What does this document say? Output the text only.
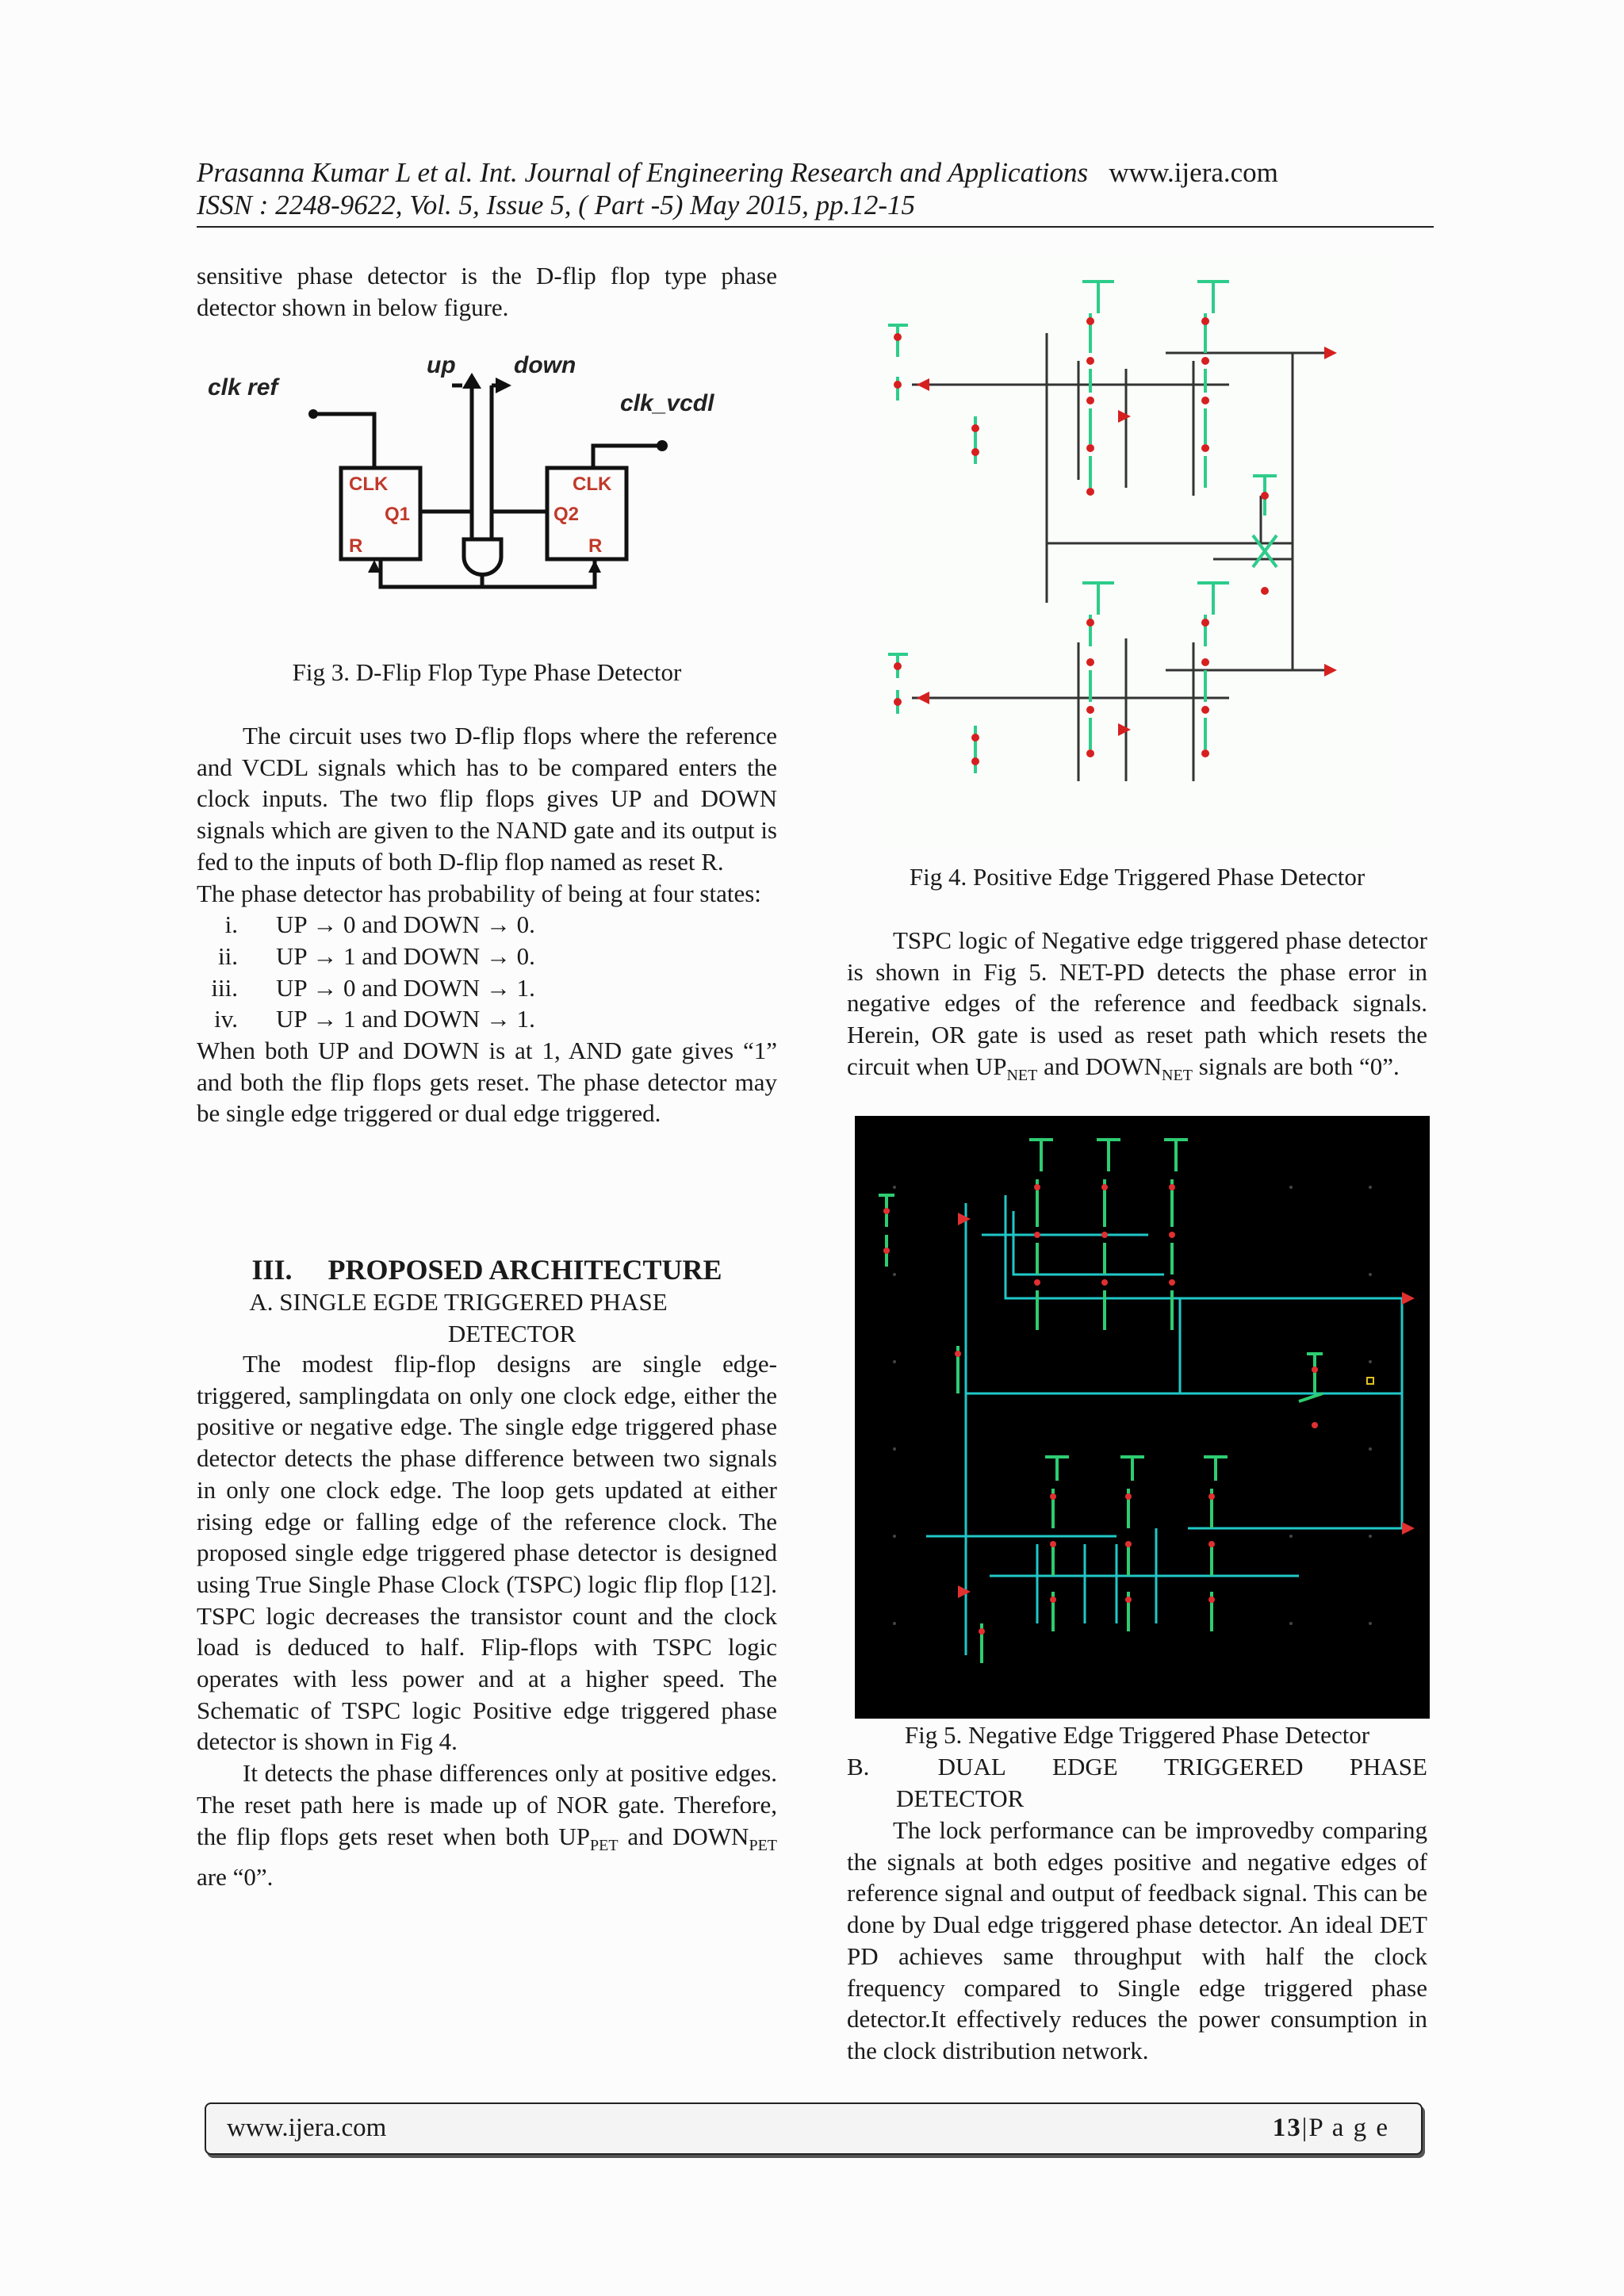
Prasanna Kumar L et al. Int. Journal of Engineering Research and Applications www.ijera.com
ISSN : 2248-9622, Vol. 5, Issue 5, ( Part -5) May 2015, pp.12-15

sensitive phase detector is the D-flip flop type phase detector shown in below figure.

clk ref
up down
clk_vcdl
CLK
Q1
R
CLK
Q2
R
Fig 3. D-Flip Flop Type Phase Detector

The circuit uses two D-flip flops where the reference and VCDL signals which has to be compared enters the clock inputs. The two flip flops gives UP and DOWN signals which are given to the NAND gate and its output is fed to the inputs of both D-flip flop named as reset R.

The phase detector has probability of being at four states:

i.	UP → 0 and DOWN → 0.
ii.	UP → 1 and DOWN → 0.
iii.	UP → 0 and DOWN → 1.
iv.	UP → 1 and DOWN → 1.

When both UP and DOWN is at 1, AND gate gives “1” and both the flip flops gets reset. The phase detector may be single edge triggered or dual edge triggered.

III. PROPOSED ARCHITECTURE
A. SINGLE EGDE TRIGGERED PHASE
DETECTOR

The modest flip-flop designs are single edge-triggered, samplingdata on only one clock edge, either the positive or negative edge. The single edge triggered phase detector detects the phase difference between two signals in only one clock edge. The loop gets updated at either rising edge or falling edge of the reference clock. The proposed single edge triggered phase detector is designed using True Single Phase Clock (TSPC) logic flip flop [12]. TSPC logic decreases the transistor count and the clock load is deduced to half. Flip-flops with TSPC logic operates with less power and at a higher speed. The Schematic of TSPC logic Positive edge triggered phase detector is shown in Fig 4.

It detects the phase differences only at positive edges. The reset path here is made up of NOR gate. Therefore, the flip flops gets reset when both $UP_{PET}$ and $DOWN_{PET}$ are “0”.

Fig 4. Positive Edge Triggered Phase Detector

TSPC logic of Negative edge triggered phase detector is shown in Fig 5. NET-PD detects the phase error in negative edges of the reference and feedback signals. Herein, OR gate is used as reset path which resets the circuit when $UP_{NET}$ and $DOWN_{NET}$ signals are both “0”.

Fig 5. Negative Edge Triggered Phase Detector
B.	DUAL EDGE TRIGGERED PHASE
DETECTOR

The lock performance can be improvedby comparing the signals at both edges positive and negative edges of reference signal and output of feedback signal. This can be done by Dual edge triggered phase detector. An ideal DET PD achieves same throughput with half the clock frequency compared to Single edge triggered phase detector.It effectively reduces the power consumption in the clock distribution network.

www.ijera.com	13|P a g e
